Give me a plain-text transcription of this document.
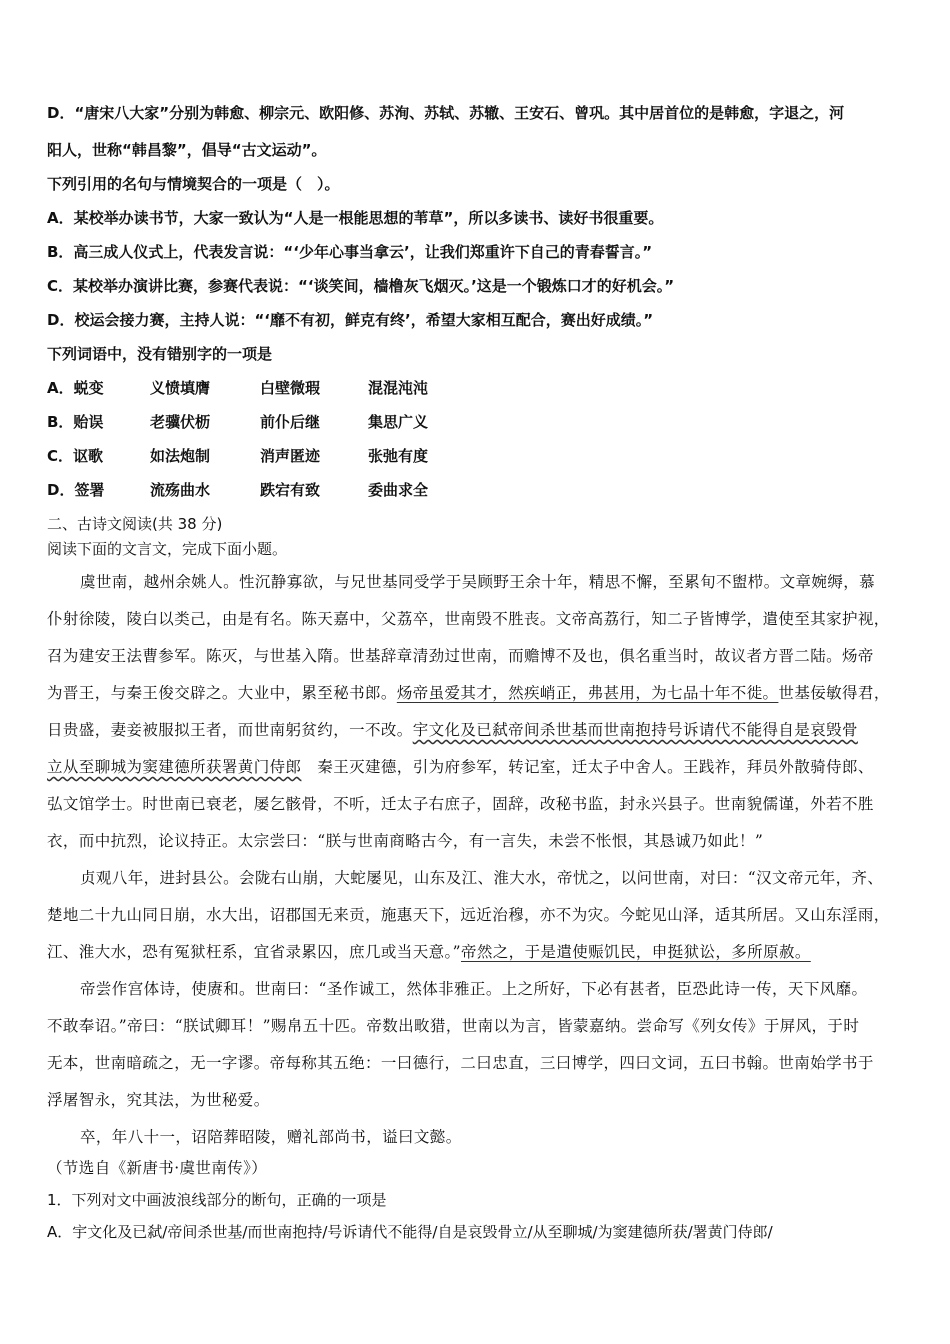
D．“唐宋八大家”分别为韩愈、柳宗元、欧阳修、苏洵、苏轼、苏辙、王安石、曾巩。其中居首位的是韩愈，字退之，河
阳人，世称“韩昌黎”，倡导“古文运动”。
下列引用的名句与情境契合的一项是（　）。
A．某校举办读书节，大家一致认为“人是一根能思想的苇草”，所以多读书、读好书很重要。
B．高三成人仪式上，代表发言说：“‘少年心事当拿云’，让我们郑重许下自己的青春誓言。”
C．某校举办演讲比赛，参赛代表说：“‘谈笑间，樯橹灰飞烟灭。’这是一个锻炼口才的好机会。”
D．校运会接力赛，主持人说：“‘靡不有初，鲜克有终’，希望大家相互配合，赛出好成绩。”
下列词语中，没有错别字的一项是
A．蜕变	义愤填膺	白壁微瑕	混混沌沌
B．贻误	老骥伏枥	前仆后继	集思广义
C．讴歌	如法炮制	消声匿迹	张弛有度
D．签署	流殇曲水	跌宕有致	委曲求全
二、古诗文阅读(共 38 分)
阅读下面的文言文，完成下面小题。
虞世南，越州余姚人。性沉静寡欲，与兄世基同受学于吴顾野王余十年，精思不懈，至累旬不盥栉。文章婉缛，慕
仆射徐陵，陵白以类己，由是有名。陈天嘉中，父荔卒，世南毁不胜丧。文帝高荔行，知二子皆博学，遣使至其家护视，
召为建安王法曹参军。陈灭，与世基入隋。世基辞章清劲过世南，而赡博不及也，俱名重当时，故议者方晋二陆。炀帝
为晋王，与秦王俊交辟之。大业中，累至秘书郎。炀帝虽爱其才，然疾峭正，弗甚用，为七品十年不徙。世基佞敏得君，
日贵盛，妻妾被服拟王者，而世南躬贫约，一不改。宇文化及已弑帝间杀世基而世南抱持号诉请代不能得自是哀毁骨
立从至聊城为窦建德所获署黄门侍郎　秦王灭建德，引为府参军，转记室，迁太子中舍人。王践祚，拜员外散骑侍郎、
弘文馆学士。时世南已衰老，屡乞骸骨，不听，迁太子右庶子，固辞，改秘书监，封永兴县子。世南貌儒谨，外若不胜
衣，而中抗烈，论议持正。太宗尝曰：“朕与世南商略古今，有一言失，未尝不怅恨，其恳诚乃如此！”
贞观八年，进封县公。会陇右山崩，大蛇屡见，山东及江、淮大水，帝忧之，以问世南，对曰：“汉文帝元年，齐、
楚地二十九山同日崩，水大出，诏郡国无来贡，施惠天下，远近治穆，亦不为灾。今蛇见山泽，适其所居。又山东淫雨，
江、淮大水，恐有冤狱枉系，宜省录累囚，庶几或当天意。”帝然之，于是遣使赈饥民，申挺狱讼，多所原赦。
帝尝作宫体诗，使赓和。世南曰：“圣作诚工，然体非雅正。上之所好，下必有甚者，臣恐此诗一传，天下风靡。
不敢奉诏。”帝曰：“朕试卿耳！”赐帛五十匹。帝数出畋猎，世南以为言，皆蒙嘉纳。尝命写《列女传》于屏风，于时
无本，世南暗疏之，无一字谬。帝每称其五绝：一曰德行，二曰忠直，三曰博学，四曰文词，五曰书翰。世南始学书于
浮屠智永，究其法，为世秘爱。
卒，年八十一，诏陪葬昭陵，赠礼部尚书，谥曰文懿。
（节选自《新唐书·虞世南传》）
1．下列对文中画波浪线部分的断句，正确的一项是
A．宇文化及已弑/帝间杀世基/而世南抱持/号诉请代不能得/自是哀毁骨立/从至聊城/为窦建德所获/署黄门侍郎/
